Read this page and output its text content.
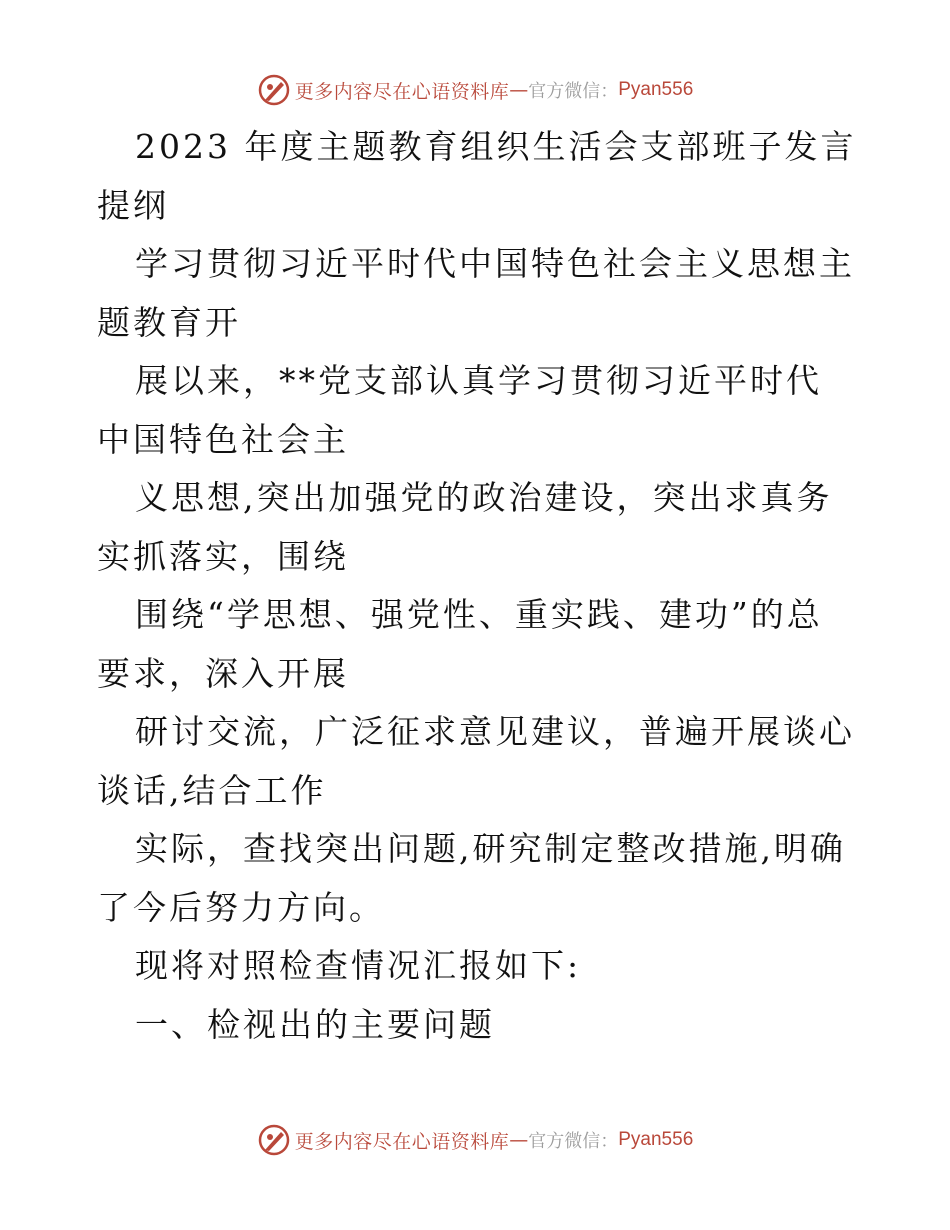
更多内容尽在心语资料库 — 官方微信： Pyan556

2023 年度主题教育组织生活会支部班子发言提纲

学习贯彻习近平时代中国特色社会主义思想主题教育开

展以来，**党支部认真学习贯彻习近平时代中国特色社会主

义思想,突出加强党的政治建设，突出求真务实抓落实，围绕

围绕“学思想、强党性、重实践、建功”的总要求，深入开展

研讨交流，广泛征求意见建议，普遍开展谈心谈话,结合工作

实际，查找突出问题,研究制定整改措施,明确了今后努力方向。

现将对照检查情况汇报如下:

一、检视出的主要问题

更多内容尽在心语资料库 — 官方微信： Pyan556
